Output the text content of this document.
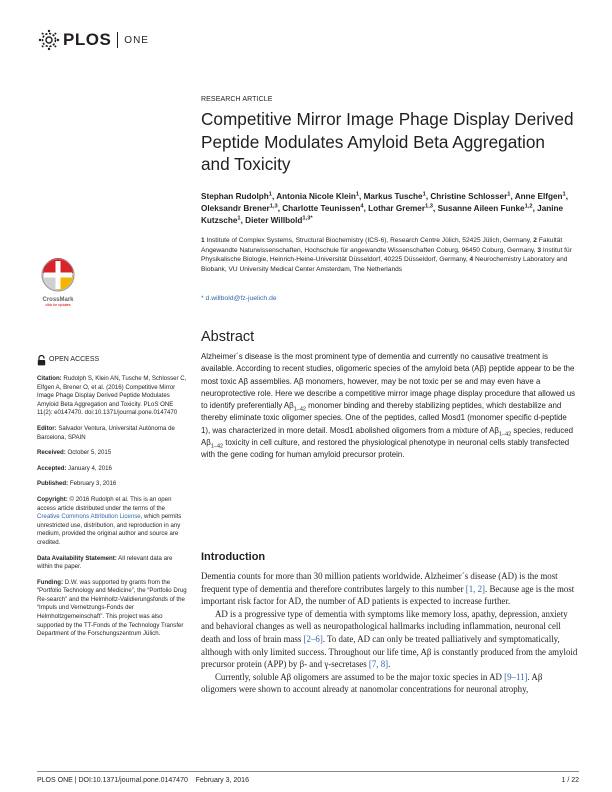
PLOS ONE
RESEARCH ARTICLE
Competitive Mirror Image Phage Display Derived Peptide Modulates Amyloid Beta Aggregation and Toxicity

Stephan Rudolph$^1$, Antonia Nicole Klein$^1$, Markus Tusche$^1$, Christine Schlosser$^1$, Anne Elfgen$^1$, Oleksandr Brener$^{1,3}$, Charlotte Teunissen$^4$, Lothar Gremer$^{1,3}$, Susanne Aileen Funke$^{1,2}$, Janine Kutzsche$^1$, Dieter Willbold$^{1,3*}$

1 Institute of Complex Systems, Structural Biochemistry (ICS-6), Research Centre Jülich, 52425 Jülich, Germany, 2 Fakultät Angewandte Naturwissenschaften, Hochschule für angewandte Wissenschaften Coburg, 96450 Coburg, Germany, 3 Institut für Physikalische Biologie, Heinrich-Heine-Universität Düsseldorf, 40225 Düsseldorf, Germany, 4 Neurochemistry Laboratory and Biobank, VU University Medical Center Amsterdam, The Netherlands

* d.willbold@fz-juelich.de
Abstract

Alzheimer´s disease is the most prominent type of dementia and currently no causative treatment is available. According to recent studies, oligomeric species of the amyloid beta (Aβ) peptide appear to be the most toxic Aβ assemblies. Aβ monomers, however, may be not toxic per se and may even have a neuroprotective role. Here we describe a competitive mirror image phage display procedure that allowed us to identify preferentially $A\beta_{1-42}$ monomer binding and thereby stabilizing peptides, which destabilize and thereby eliminate toxic oligomer species. One of the peptides, called Mosd1 (monomer specific d-peptide 1), was characterized in more detail. Mosd1 abolished oligomers from a mixture of $A\beta_{1-42}$ species, reduced $A\beta_{1-42}$ toxicity in cell culture, and restored the physiological phenotype in neuronal cells stably transfected with the gene coding for human amyloid precursor protein.

Introduction

Dementia counts for more than 30 million patients worldwide. Alzheimer´s disease (AD) is the most frequent type of dementia and therefore contributes largely to this number [1, 2]. Because age is the most important risk factor for AD, the number of AD patients is expected to increase further.

AD is a progressive type of dementia with symptoms like memory loss, apathy, depression, anxiety and behavioral changes as well as neuropathological hallmarks including inflammation, neuronal cell death and loss of brain mass [2–6]. To date, AD can only be treated palliatively and symptomatically, although with only limited success. Throughout our life time, Aβ is constantly produced from the amyloid precursor protein (APP) by β- and γ-secretases [7, 8].

Currently, soluble Aβ oligomers are assumed to be the major toxic species in AD [9–11]. Aβ oligomers were shown to account already at nanomolar concentrations for neuronal atrophy,

CrossMark
click for updates
OPEN ACCESS

Citation: Rudolph S, Klein AN, Tusche M, Schlosser C, Elfgen A, Brener O, et al. (2016) Competitive Mirror Image Phage Display Derived Peptide Modulates Amyloid Beta Aggregation and Toxicity. PLoS ONE 11(2): e0147470. doi:10.1371/journal.pone.0147470

Editor: Salvador Ventura, Universitat Autònoma de Barcelona, SPAIN

Received: October 5, 2015

Accepted: January 4, 2016

Published: February 3, 2016

Copyright: © 2016 Rudolph et al. This is an open access article distributed under the terms of the Creative Commons Attribution License, which permits unrestricted use, distribution, and reproduction in any medium, provided the original author and source are credited.

Data Availability Statement: All relevant data are within the paper.

Funding: D.W. was supported by grants from the “Portfolio Technology and Medicine”, the “Portfolio Drug Re-search” and the Helmholtz-Validierungsfonds of the “Impuls und Vernetzungs-Fonds der Helmholtzgemeinschaft”. This project was also supported by the TT-Fonds of the Technology Transfer Department of the Forschungszentrum Jülich.

PLOS ONE | DOI:10.1371/journal.pone.0147470 February 3, 2016	1 / 22
